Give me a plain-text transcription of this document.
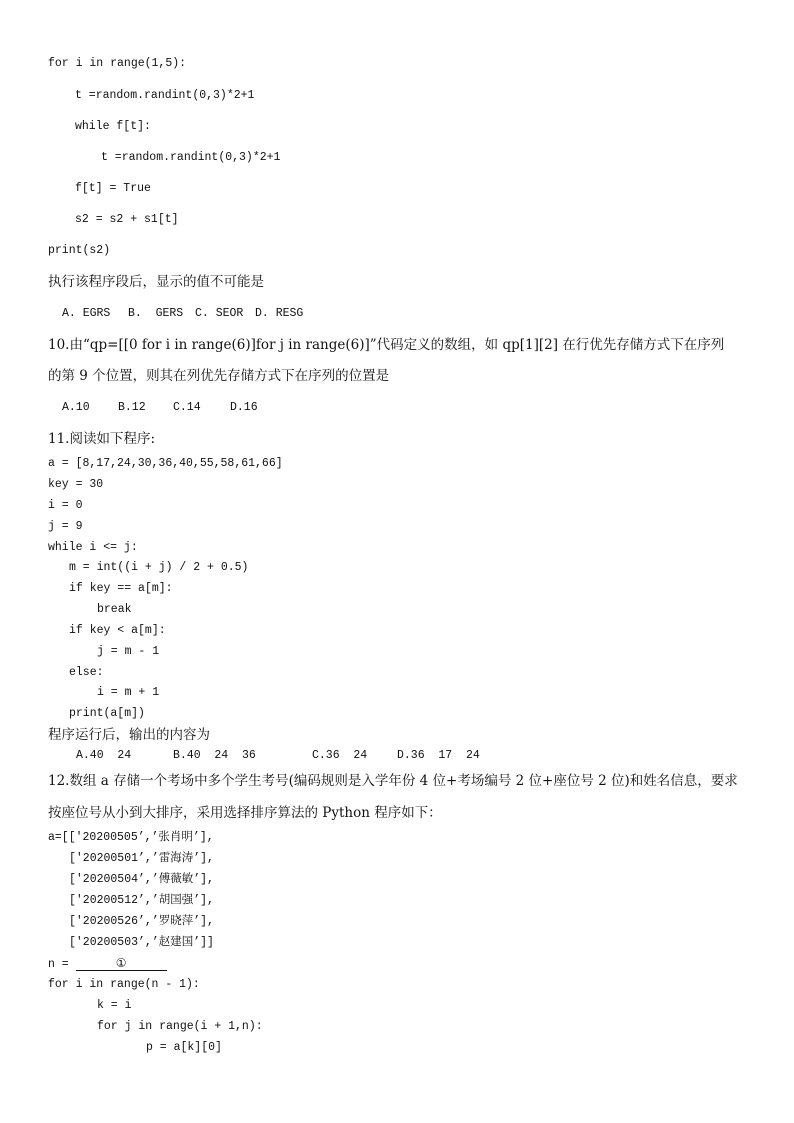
for i in range(1,5):
t =random.randint(0,3)*2+1
while f[t]:
t =random.randint(0,3)*2+1
f[t] = True
s2 = s2 + s1[t]
print(s2)
执行该程序段后，显示的值不可能是
A. EGRS B.  GERS C. SEOR D. RESG
10.由“qp=[[0 for i in range(6)]for j in range(6)]”代码定义的数组，如 qp[1][2] 在行优先存储方式下在序列
的第 9 个位置，则其在列优先存储方式下在序列的位置是
A.10 B.12 C.14	D.16
11.阅读如下程序:
a = [8,17,24,30,36,40,55,58,61,66]
key = 30
i = 0
j = 9
while i <= j:
m = int((i + j) / 2 + 0.5)
if key == a[m]:
break
if key < a[m]:
j = m - 1
else:
i = m + 1
print(a[m])
程序运行后，输出的内容为
A.40  24	B.40  24  36	C.36  24	D.36  17  24
12.数组 a 存储一个考场中多个学生考号(编码规则是入学年份 4 位+考场编号 2 位+座位号 2 位)和姓名信息，要求
按座位号从小到大排序，采用选择排序算法的 Python 程序如下：
a=[['20200505’,’张肖明’],
['20200501’,’雷海涛’],
['20200504’,’傅薇敏’],
['20200512’,’胡国强’],
['20200526’,’罗晓萍’],
['20200503’,’赵建国’]]
n =	①
for i in range(n - 1):
k = i
for j in range(i + 1,n):
p = a[k][0]
